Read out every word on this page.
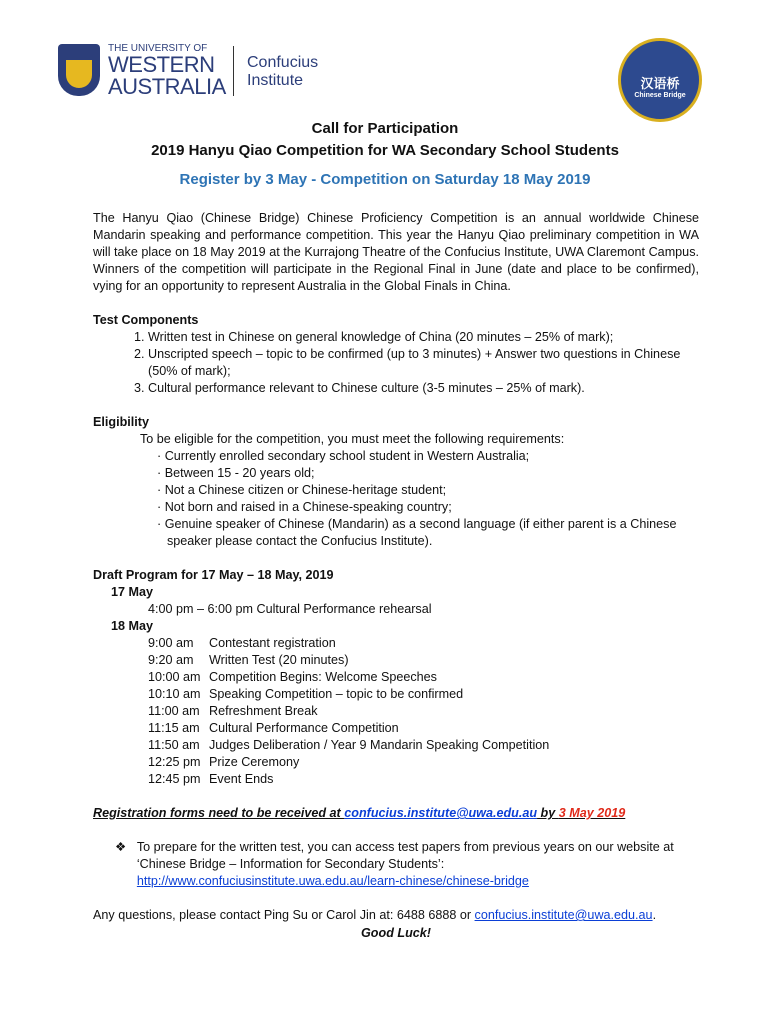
THE UNIVERSITY OF
WESTERN
AUSTRALIA
Confucius
Institute	汉语桥
Chinese Bridge
Call for Participation
2019 Hanyu Qiao Competition for WA Secondary School Students
Register by 3 May - Competition on Saturday 18 May 2019

The Hanyu Qiao (Chinese Bridge) Chinese Proficiency Competition is an annual worldwide Chinese Mandarin speaking and performance competition. This year the Hanyu Qiao preliminary competition in WA will take place on 18 May 2019 at the Kurrajong Theatre of the Confucius Institute, UWA Claremont Campus. Winners of the competition will participate in the Regional Final in June (date and place to be confirmed), vying for an opportunity to represent Australia in the Global Finals in China.

Test Components

1. Written test in Chinese on general knowledge of China (20 minutes – 25% of mark);
2. Unscripted speech – topic to be confirmed (up to 3 minutes) + Answer two questions in Chinese (50% of mark);
3. Cultural performance relevant to Chinese culture (3-5 minutes – 25% of mark).

Eligibility

To be eligible for the competition, you must meet the following requirements:

· Currently enrolled secondary school student in Western Australia;
· Between 15 - 20 years old;
· Not a Chinese citizen or Chinese-heritage student;
· Not born and raised in a Chinese-speaking country;
· Genuine speaker of Chinese (Mandarin) as a second language (if either parent is a Chinese speaker please contact the Confucius Institute).

Draft Program for 17 May – 18 May, 2019

17 May

4:00 pm – 6:00 pm Cultural Performance rehearsal

18 May

9:00 am	Contestant registration
9:20 am	Written Test (20 minutes)
10:00 am Competition Begins: Welcome Speeches
10:10 am Speaking Competition – topic to be confirmed
11:00 am Refreshment Break
11:15 am Cultural Performance Competition
11:50 am Judges Deliberation / Year 9 Mandarin Speaking Competition
12:25 pm Prize Ceremony
12:45 pm Event Ends

Registration forms need to be received at confucius.institute@uwa.edu.au by 3 May 2019

❖ To prepare for the written test, you can access test papers from previous years on our website at ‘Chinese Bridge – Information for Secondary Students’:
http://www.confuciusinstitute.uwa.edu.au/learn-chinese/chinese-bridge

Any questions, please contact Ping Su or Carol Jin at: 6488 6888 or confucius.institute@uwa.edu.au.

Good Luck!
